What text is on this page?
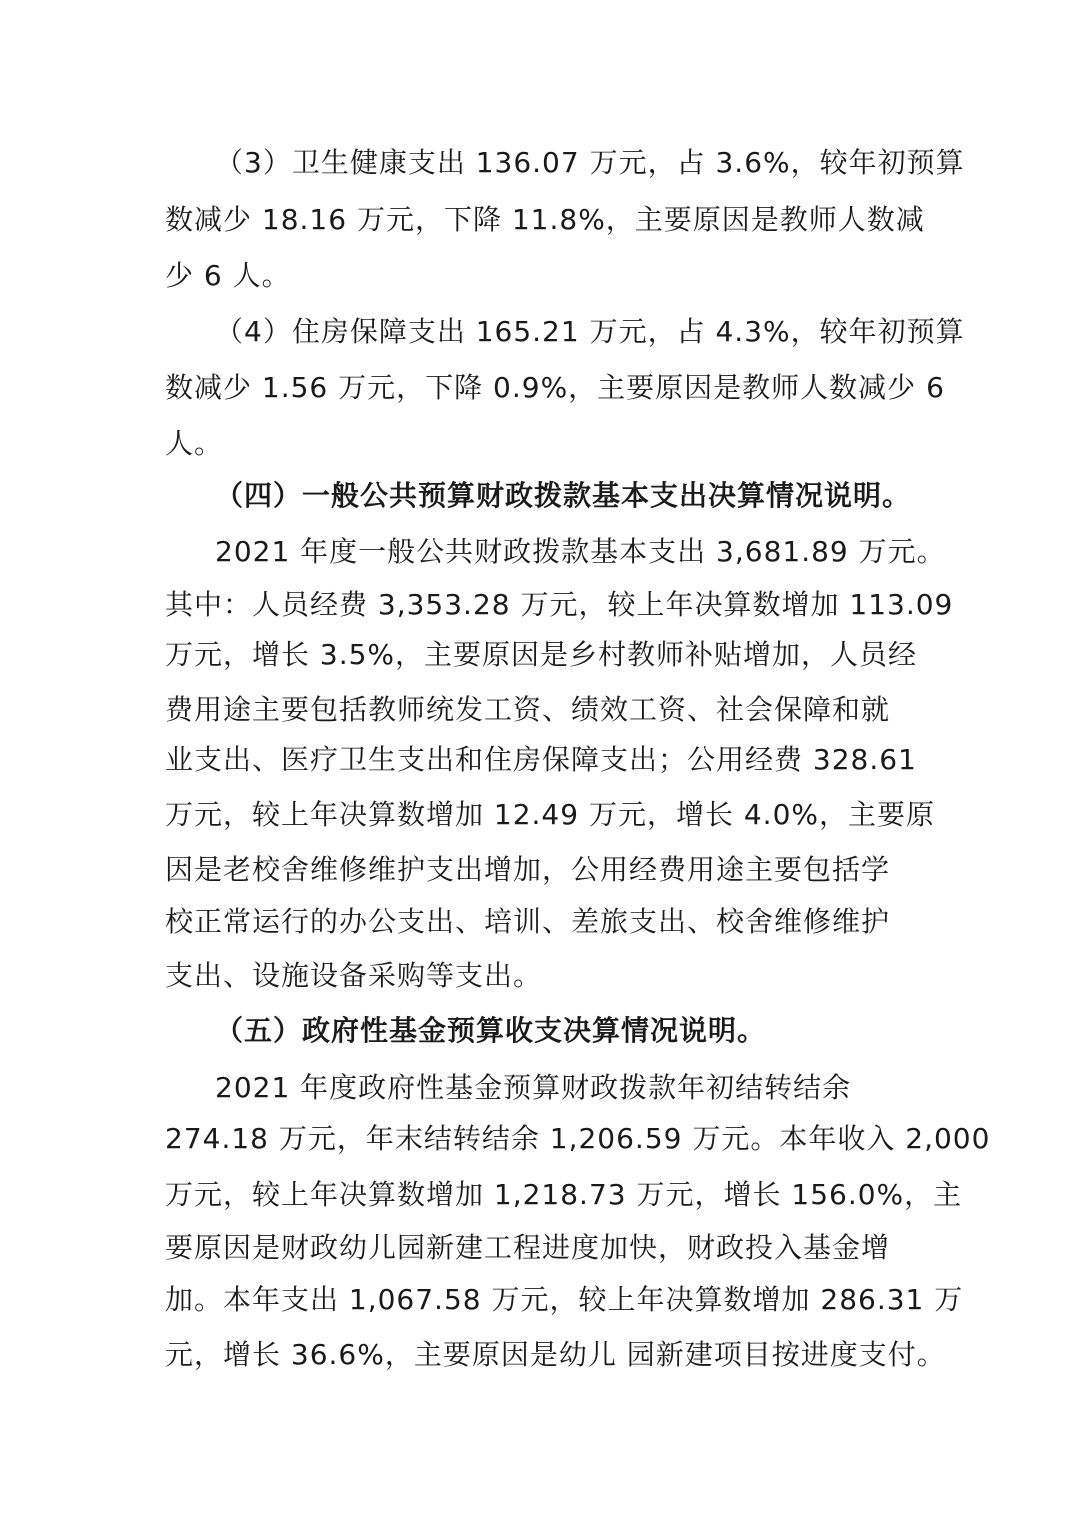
（3）卫生健康支出 136.07 万元，占 3.6%，较年初预算
数减少 18.16 万元，下降 11.8%，主要原因是教师人数减
少 6 人。
（4）住房保障支出 165.21 万元，占 4.3%，较年初预算
数减少 1.56 万元，下降 0.9%，主要原因是教师人数减少 6
人。
（四）一般公共预算财政拨款基本支出决算情况说明。
2021 年度一般公共财政拨款基本支出 3,681.89 万元。
其中：人员经费 3,353.28 万元，较上年决算数增加 113.09
万元，增长 3.5%，主要原因是乡村教师补贴增加，人员经
费用途主要包括教师统发工资、绩效工资、社会保障和就
业支出、医疗卫生支出和住房保障支出；公用经费 328.61
万元，较上年决算数增加 12.49 万元，增长 4.0%，主要原
因是老校舍维修维护支出增加，公用经费用途主要包括学
校正常运行的办公支出、培训、差旅支出、校舍维修维护
支出、设施设备采购等支出。
（五）政府性基金预算收支决算情况说明。
2021 年度政府性基金预算财政拨款年初结转结余
274.18 万元，年末结转结余 1,206.59 万元。本年收入 2,000
万元，较上年决算数增加 1,218.73 万元，增长 156.0%，主
要原因是财政幼儿园新建工程进度加快，财政投入基金增
加。本年支出 1,067.58 万元，较上年决算数增加 286.31 万
元，增长 36.6%，主要原因是幼儿 园新建项目按进度支付。
